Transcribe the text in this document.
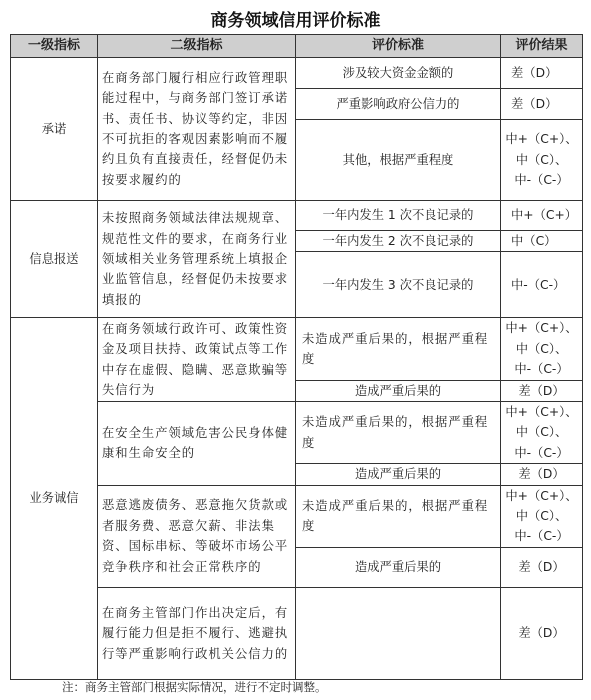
商务领域信用评价标准
一级指标	二级指标	评价标准	评价结果
承诺	在商务部门履行相应行政管理职能过程中，与商务部门签订承诺书、责任书、协议等约定，非因不可抗拒的客观因素影响而不履约且负有直接责任，经督促仍未按要求履约的	涉及较大资金金额的	差（D）
		严重影响政府公信力的	差（D）
		其他，根据严重程度	中+（C+）、
中（C）、
中-（C-）
信息报送	未按照商务领域法律法规规章、规范性文件的要求，在商务行业领域相关业务管理系统上填报企业监管信息，经督促仍未按要求填报的	一年内发生 1 次不良记录的	中+（C+）
		一年内发生 2 次不良记录的	中（C）
		一年内发生 3 次不良记录的	中-（C-）
业务诚信	在商务领域行政许可、政策性资金及项目扶持、政策试点等工作中存在虚假、隐瞒、恶意欺骗等失信行为	未造成严重后果的，根据严重程度	中+（C+）、
中（C）、
中-（C-）
		造成严重后果的	差（D）
	在安全生产领域危害公民身体健康和生命安全的	未造成严重后果的，根据严重程度	中+（C+）、
中（C）、
中-（C-）
		造成严重后果的	差（D）
	恶意逃废债务、恶意拖欠货款或者服务费、恶意欠薪、非法集资、国标串标、等破坏市场公平竞争秩序和社会正常秩序的	未造成严重后果的，根据严重程度	中+（C+）、
中（C）、
中-（C-）
		造成严重后果的	差（D）
	在商务主管部门作出决定后，有履行能力但是拒不履行、逃避执行等严重影响行政机关公信力的		差（D）
注：商务主管部门根据实际情况，进行不定时调整。
